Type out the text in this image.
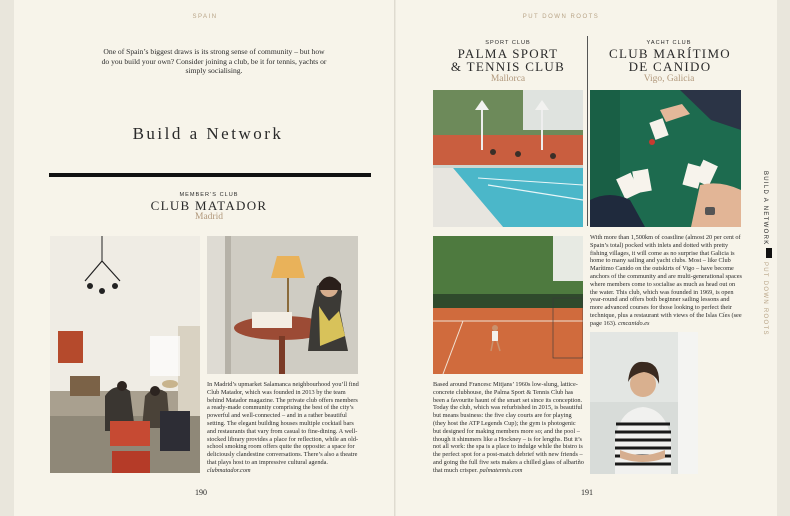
SPAIN
One of Spain’s biggest draws is its strong sense of community – but how do you build your own? Consider joining a club, be it for tennis, yachts or simply socialising.
Build a Network
MEMBER’S CLUB
CLUB MATADOR
Madrid
In Madrid’s upmarket Salamanca neighbourhood you’ll find Club Matador, which was founded in 2013 by the team behind Matador magazine. The private club offers members a ready-made community comprising the best of the city’s powerful and well-connected – and in a rather beautiful setting. The elegant building houses multiple cocktail bars and restaurants that vary from casual to fine-dining. A well-stocked library provides a place for reflection, while an old-school smoking room offers quite the opposite: a space for deliciously clandestine conversations. There’s also a theatre that plays host to an impressive cultural agenda. clubmatador.com
190
PUT DOWN ROOTS
SPORT CLUB
PALMA SPORT
& TENNIS CLUB
Mallorca
YACHT CLUB
CLUB MARÍTIMO
DE CANIDO
Vigo, Galicia
Based around Francesc Mitjans’ 1960s low-slung, lattice-concrete clubhouse, the Palma Sport & Tennis Club has been a favourite haunt of the smart set since its conception. Today the club, which was refurbished in 2015, is beautiful but means business: the five clay courts are for playing (they host the ATP Legends Cup); the gym is photogenic but designed for making members more so; and the pool – though it shimmers like a Hockney – is for lengths. But it’s not all work: the spa is a place to indulge while the bistro is the perfect spot for a post-match debrief with new friends – and going the full five sets makes a chilled glass of albariño that much crisper. palmatennis.com
With more than 1,500km of coastline (almost 20 per cent of Spain’s total) pocked with inlets and dotted with pretty fishing villages, it will come as no surprise that Galicia is home to many sailing and yacht clubs. Most – like Club Marítimo Canido on the outskirts of Vigo – have become anchors of the community and are multi-generational spaces where members come to socialise as much as head out on the water. This club, which was founded in 1969, is open year-round and offers both beginner sailing lessons and more advanced courses for those looking to perfect their technique, plus a restaurant with views of the Islas Cíes (see page 163). cmcanido.es
BUILD A NETWORK
PUT DOWN ROOTS
191
